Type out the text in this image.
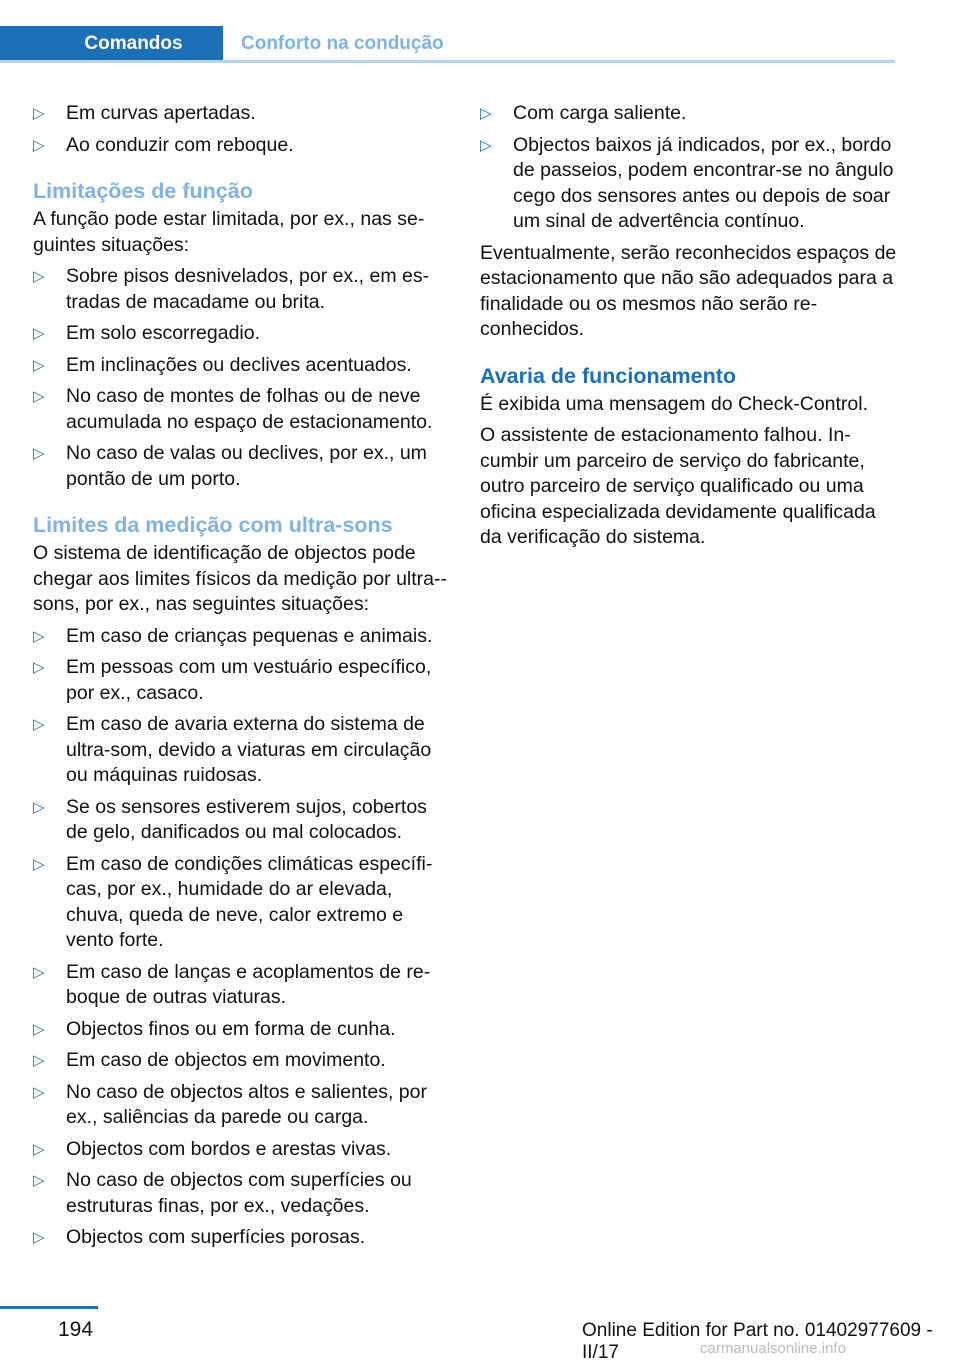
Comandos	Conforto na condução
▷ Em curvas apertadas.
▷ Ao conduzir com reboque.
Limitações de função

A função pode estar limitada, por ex., nas seguintes situações:

▷ Sobre pisos desnivelados, por ex., em estradas de macadame ou brita.
▷ Em solo escorregadio.
▷ Em inclinações ou declives acentuados.
▷ No caso de montes de folhas ou de neve acumulada no espaço de estacionamento.
▷ No caso de valas ou declives, por ex., um pontão de um porto.
Limites da medição com ultra-sons

O sistema de identificação de objectos pode chegar aos limites físicos da medição por ultra-sons, por ex., nas seguintes situações:

▷ Em caso de crianças pequenas e animais.
▷ Em pessoas com um vestuário específico, por ex., casaco.
▷ Em caso de avaria externa do sistema de ultra-som, devido a viaturas em circulação ou máquinas ruidosas.
▷ Se os sensores estiverem sujos, cobertos de gelo, danificados ou mal colocados.
▷ Em caso de condições climáticas específicas, por ex., humidade do ar elevada, chuva, queda de neve, calor extremo e vento forte.
▷ Em caso de lanças e acoplamentos de reboque de outras viaturas.
▷ Objectos finos ou em forma de cunha.
▷ Em caso de objectos em movimento.
▷ No caso de objectos altos e salientes, por ex., saliências da parede ou carga.
▷ Objectos com bordos e arestas vivas.
▷ No caso de objectos com superfícies ou estruturas finas, por ex., vedações.
▷ Objectos com superfícies porosas.
▷ Com carga saliente.
▷ Objectos baixos já indicados, por ex., bordo de passeios, podem encontrar-se no ângulo cego dos sensores antes ou depois de soar um sinal de advertência contínuo.

Eventualmente, serão reconhecidos espaços de estacionamento que não são adequados para a finalidade ou os mesmos não serão reconhecidos.

Avaria de funcionamento

É exibida uma mensagem do Check-Control.

O assistente de estacionamento falhou. Incumbir um parceiro de serviço do fabricante, outro parceiro de serviço qualificado ou uma oficina especializada devidamente qualificada da verificação do sistema.

194	Online Edition for Part no. 01402977609 - II/17	carmanualsonline.info
